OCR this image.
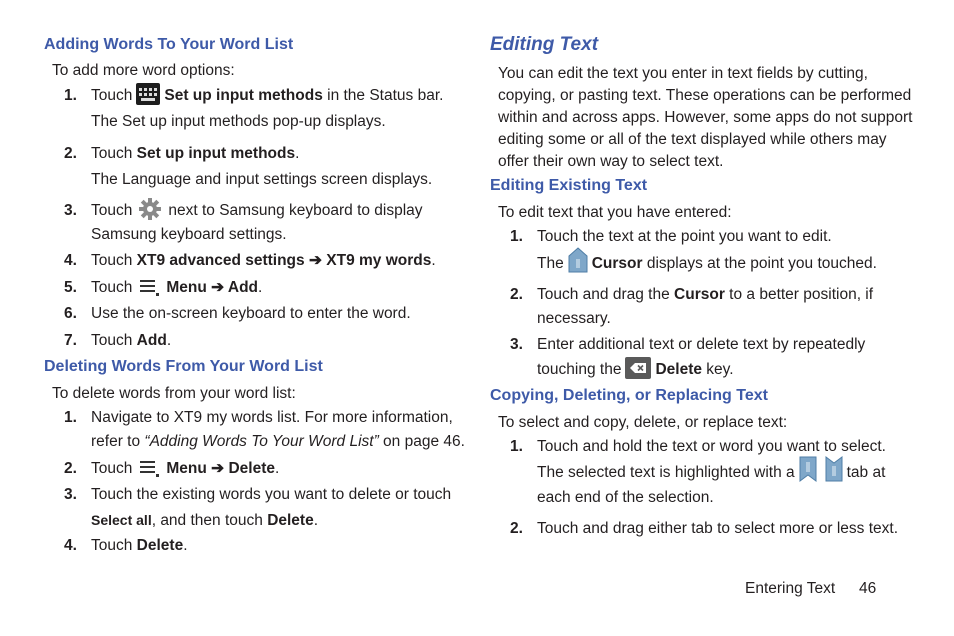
Adding Words To Your Word List
To add more word options:
1. Touch Set up input methods in the Status bar.
The Set up input methods pop-up displays.
2. Touch Set up input methods.
The Language and input settings screen displays.
3. Touch next to Samsung keyboard to display
Samsung keyboard settings.
4. Touch XT9 advanced settings ➔ XT9 my words.
5. Touch Menu ➔ Add.
6. Use the on-screen keyboard to enter the word.
7. Touch Add.
Deleting Words From Your Word List
To delete words from your word list:
1. Navigate to XT9 my words list. For more information,
refer to “Adding Words To Your Word List” on page 46.
2. Touch Menu ➔ Delete.
3. Touch the existing words you want to delete or touch
Select all, and then touch Delete.
4. Touch Delete.
Editing Text
You can edit the text you enter in text fields by cutting,
copying, or pasting text. These operations can be performed
within and across apps. However, some apps do not support
editing some or all of the text displayed while others may
offer their own way to select text.
Editing Existing Text
To edit text that you have entered:
1. Touch the text at the point you want to edit.
The Cursor displays at the point you touched.
2. Touch and drag the Cursor to a better position, if
necessary.
3. Enter additional text or delete text by repeatedly
touching the Delete key.
Copying, Deleting, or Replacing Text
To select and copy, delete, or replace text:
1. Touch and hold the text or word you want to select.
The selected text is highlighted with a	tab at
each end of the selection.
2. Touch and drag either tab to select more or less text.
Entering Text 46
